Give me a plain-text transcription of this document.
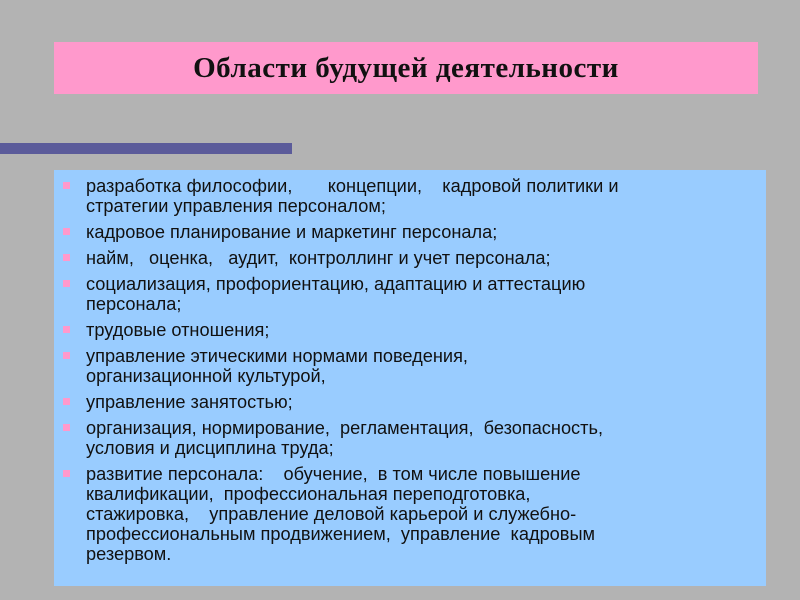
Области будущей деятельности
разработка философии,       концепции,    кадровой политики и
стратегии управления персоналом;
кадровое планирование и маркетинг персонала;
найм,   оценка,   аудит,  контроллинг и учет персонала;
социализация, профориентацию, адаптацию и аттестацию
персонала;
трудовые отношения;
управление этическими нормами поведения,
организационной культурой,
управление занятостью;
организация, нормирование,  регламентация,  безопасность,
условия и дисциплина труда;
развитие персонала:    обучение,  в том числе повышение
квалификации,  профессиональная переподготовка,
стажировка,    управление деловой карьерой и служебно-
профессиональным продвижением,  управление  кадровым
резервом.
